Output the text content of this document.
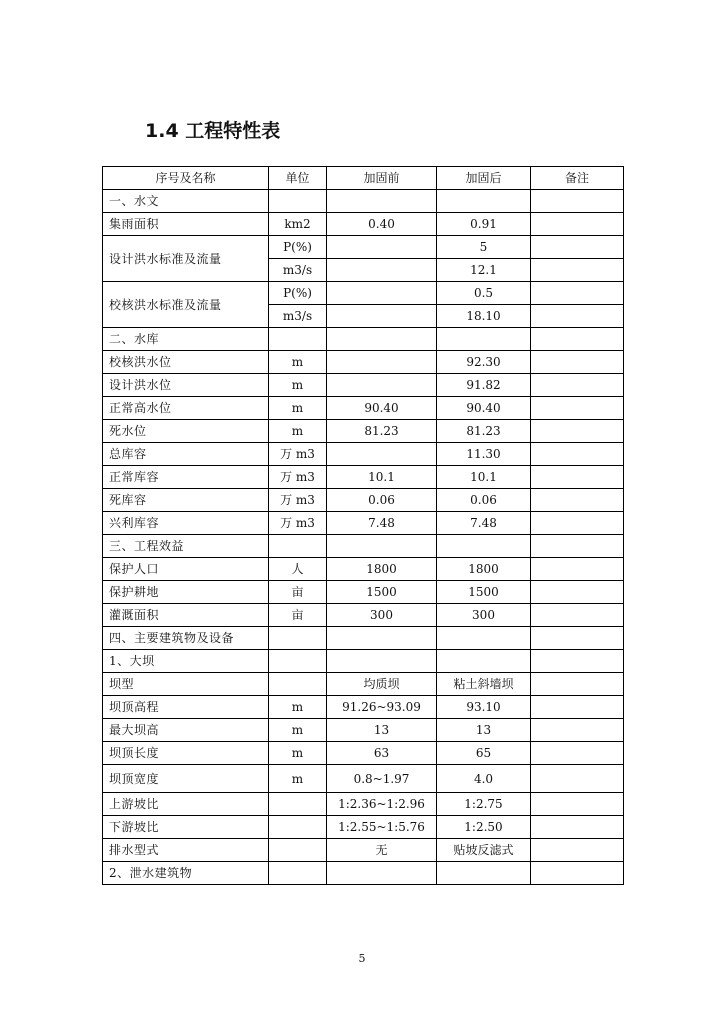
1.4 工程特性表
序号及名称	单位	加固前	加固后	备注
一、水文				
集雨面积	km2	0.40	0.91	
设计洪水标准及流量	P(%)		5	
	m3/s		12.1	
校核洪水标准及流量	P(%)		0.5	
	m3/s		18.10	
二、水库				
校核洪水位	m		92.30	
设计洪水位	m		91.82	
正常高水位	m	90.40	90.40	
死水位	m	81.23	81.23	
总库容	万 m3		11.30	
正常库容	万 m3	10.1	10.1	
死库容	万 m3	0.06	0.06	
兴利库容	万 m3	7.48	7.48	
三、工程效益				
保护人口	人	1800	1800	
保护耕地	亩	1500	1500	
灌溉面积	亩	300	300	
四、主要建筑物及设备				
1、大坝				
坝型		均质坝	粘土斜墙坝	
坝顶高程	m	91.26~93.09	93.10	
最大坝高	m	13	13	
坝顶长度	m	63	65	
坝顶宽度	m	0.8~1.97	4.0	
上游坡比		1:2.36~1:2.96	1:2.75	
下游坡比		1:2.55~1:5.76	1:2.50	
排水型式		无	贴坡反滤式	
2、泄水建筑物				
5
